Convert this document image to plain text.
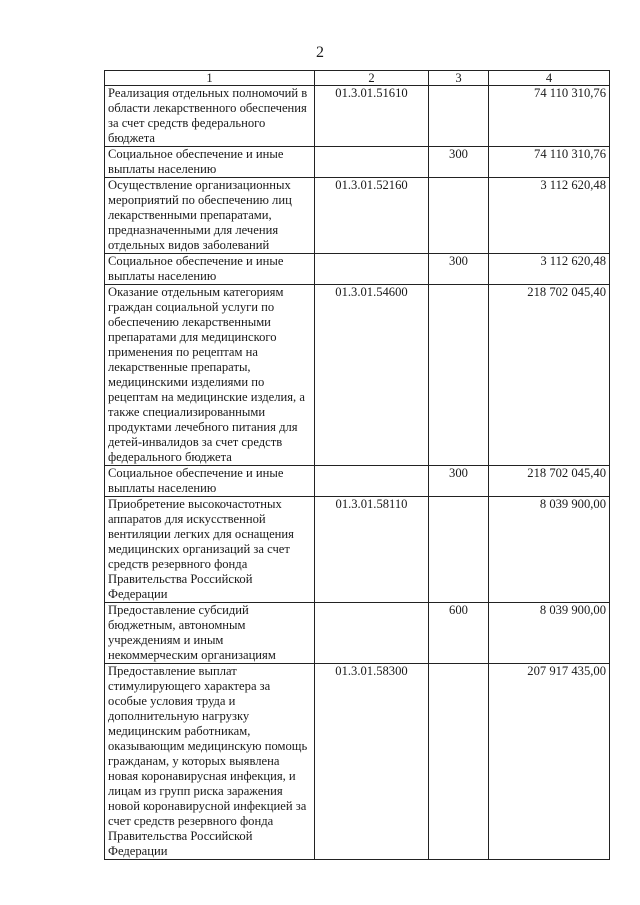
2
1	2	3	4
Реализация отдельных полномочий в области лекарственного обеспечения за счет средств федерального бюджета	01.3.01.51610		74 110 310,76
Социальное обеспечение и иные выплаты населению		300	74 110 310,76
Осуществление организационных мероприятий по обеспечению лиц лекарственными препаратами, предназначенными для лечения отдельных видов заболеваний	01.3.01.52160		3 112 620,48
Социальное обеспечение и иные выплаты населению		300	3 112 620,48
Оказание отдельным категориям граждан социальной услуги по обеспечению лекарственными препаратами для медицинского применения по рецептам на лекарственные препараты, медицинскими изделиями по рецептам на медицинские изделия, а также специализированными продуктами лечебного питания для детей-инвалидов за счет средств федерального бюджета	01.3.01.54600		218 702 045,40
Социальное обеспечение и иные выплаты населению		300	218 702 045,40
Приобретение высокочастотных аппаратов для искусственной вентиляции легких для оснащения медицинских организаций за счет средств резервного фонда Правительства Российской Федерации	01.3.01.58110		8 039 900,00
Предоставление субсидий бюджетным, автономным учреждениям и иным некоммерческим организациям		600	8 039 900,00
Предоставление выплат стимулирующего характера за особые условия труда и дополнительную нагрузку медицинским работникам, оказывающим медицинскую помощь гражданам, у которых выявлена новая коронавирусная инфекция, и лицам из групп риска заражения новой коронавирусной инфекцией за счет средств резервного фонда Правительства Российской Федерации	01.3.01.58300		207 917 435,00
